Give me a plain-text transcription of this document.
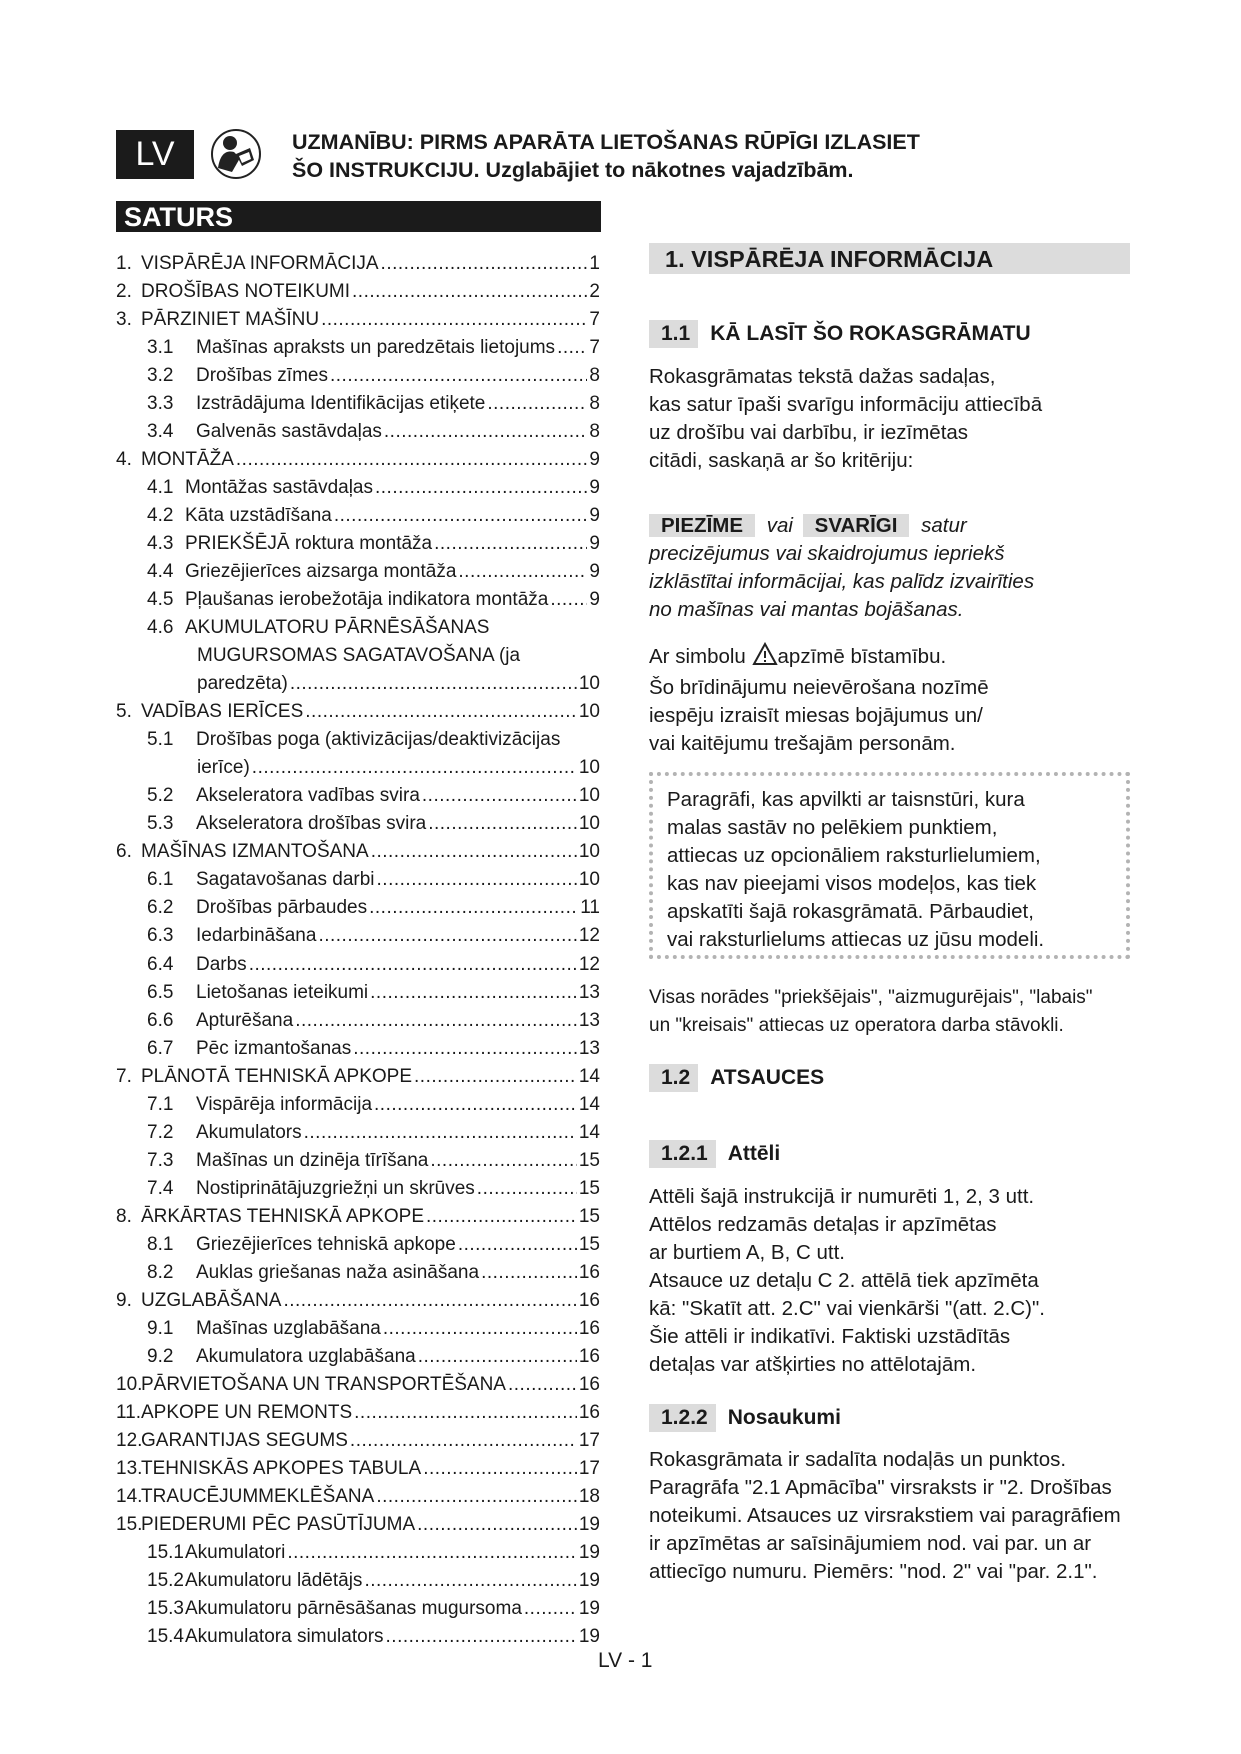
LV	UZMANĪBU: PIRMS APARĀTA LIETOŠANAS RŪPĪGI IZLASIET
ŠO INSTRUKCIJU. Uzglabājiet to nākotnes vajadzībām.
SATURS
1. VISPĀRĒJA INFORMĀCIJA .....	1
2. DROŠĪBAS NOTEIKUMI .....	2
3. PĀRZINIET MAŠĪNU .....	7
3.1	Mašīnas apraksts un paredzētais lietojums ..... 7
3.2	Drošības zīmes .....	8
3.3	Izstrādājuma Identifikācijas etiķete .....	8
3.4	Galvenās sastāvdaļas .....	8
4. MONTĀŽA .....	9
4.1 Montāžas sastāvdaļas .....	9
4.2 Kāta uzstādīšana .....	9
4.3 PRIEKŠĒJĀ roktura montāža .....	9
4.4 Griezējierīces aizsarga montāža .....	9
4.5 Pļaušanas ierobežotāja indikatora montāža ..... 9
4.6 AKUMULATORU PĀRNĒSĀŠANAS
MUGURSOMAS SAGATAVOŠANA (ja
paredzēta) .....	10
5. VADĪBAS IERĪCES .....	10
5.1	Drošības poga (aktivizācijas/deaktivizācijas
ierīce) .....	10
5.2	Akseleratora vadības svira .....	10
5.3	Akseleratora drošības svira .....	10
6. MAŠĪNAS IZMANTOŠANA .....	10
6.1	Sagatavošanas darbi .....	10
6.2	Drošības pārbaudes .....	11
6.3	Iedarbināšana .....	12
6.4	Darbs .....	12
6.5	Lietošanas ieteikumi .....	13
6.6	Apturēšana .....	13
6.7	Pēc izmantošanas .....	13
7. PLĀNOTĀ TEHNISKĀ APKOPE .....	14
7.1	Vispārēja informācija .....	14
7.2	Akumulators .....	14
7.3	Mašīnas un dzinēja tīrīšana .....	15
7.4	Nostiprinātājuzgriežņi un skrūves .....	15
8. ĀRKĀRTAS TEHNISKĀ APKOPE .....	15
8.1	Griezējierīces tehniskā apkope .....	15
8.2	Auklas griešanas naža asināšana .....	16
9. UZGLABĀŠANA .....	16
9.1	Mašīnas uzglabāšana .....	16
9.2	Akumulatora uzglabāšana .....	16
10.
PĀRVIETOŠANA UN TRANSPORTĒŠANA .....	16
11. APKOPE UN REMONTS .....	16
12.
GARANTIJAS SEGUMS .....	17
13.
TEHNISKĀS APKOPES TABULA .....	17
14.
TRAUCĒJUMMEKLĒŠANA .....	18
15.
PIEDERUMI PĒC PASŪTĪJUMA .....	19
15.1 Akumulatori .....	19
15.2 Akumulatoru lādētājs .....	19
15.3 Akumulatoru pārnēsāšanas mugursoma .....	19
15.4 Akumulatora simulators .....	19
1. VISPĀRĒJA INFORMĀCIJA
1.1 KĀ LASĪT ŠO ROKASGRĀMATU
Rokasgrāmatas tekstā dažas sadaļas,
kas satur īpaši svarīgu informāciju attiecībā
uz drošību vai darbību, ir iezīmētas
citādi, saskaņā ar šo kritēriju:
PIEZĪME vai SVARĪGI satur
precizējumus vai skaidrojumus iepriekš
izklāstītai informācijai, kas palīdz izvairīties
no mašīnas vai mantas bojāšanas.
Ar simbolu apzīmē bīstamību.
Šo brīdinājumu neievērošana nozīmē
iespēju izraisīt miesas bojājumus un/
vai kaitējumu trešajām personām.
Paragrāfi, kas apvilkti ar taisnstūri, kura
malas sastāv no pelēkiem punktiem,
attiecas uz opcionāliem raksturlielumiem,
kas nav pieejami visos modeļos, kas tiek
apskatīti šajā rokasgrāmatā. Pārbaudiet,
vai raksturlielums attiecas uz jūsu modeli.
Visas norādes "priekšējais", "aizmugurējais", "labais"
un "kreisais" attiecas uz operatora darba stāvokli.
1.2 ATSAUCES
1.2.1 Attēli
Attēli šajā instrukcijā ir numurēti 1, 2, 3 utt.
Attēlos redzamās detaļas ir apzīmētas
ar burtiem A, B, C utt.
Atsauce uz detaļu C 2. attēlā tiek apzīmēta
kā: "Skatīt att. 2.C" vai vienkārši "(att. 2.C)".
Šie attēli ir indikatīvi. Faktiski uzstādītās
detaļas var atšķirties no attēlotajām.
1.2.2 Nosaukumi
Rokasgrāmata ir sadalīta nodaļās un punktos.
Paragrāfa "2.1 Apmācība" virsraksts ir "2. Drošības
noteikumi. Atsauces uz virsrakstiem vai paragrāfiem
ir apzīmētas ar saīsinājumiem nod. vai par. un ar
attiecīgo numuru. Piemērs: "nod. 2" vai "par. 2.1".
LV - 1
